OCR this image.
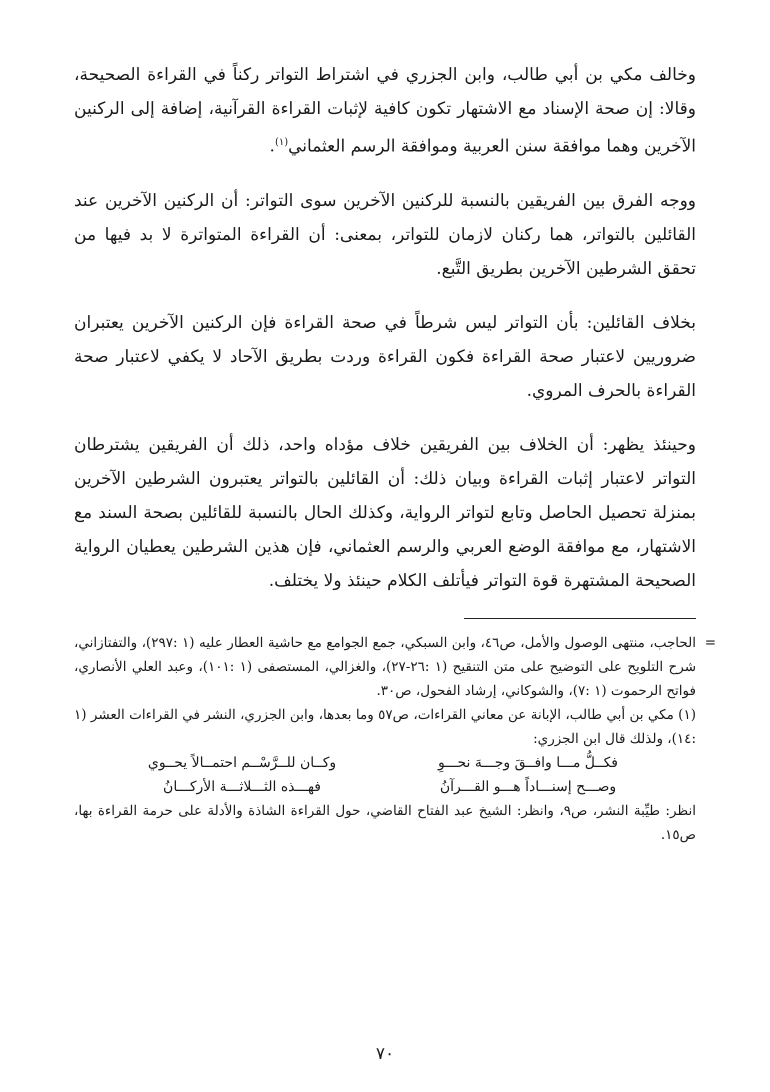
وخالف مكي بن أبي طالب، وابن الجزري في اشتراط التواتر ركناً في القراءة الصحيحة، وقالا: إن صحة الإسناد مع الاشتهار تكون كافية لإثبات القراءة القرآنية، إضافة إلى الركنين الآخرين وهما موافقة سنن العربية وموافقة الرسم العثماني$^{(١)}$.

ووجه الفرق بين الفريقين بالنسبة للركنين الآخرين سوى التواتر: أن الركنين الآخرين عند القائلين بالتواتر، هما ركنان لازمان للتواتر، بمعنى: أن القراءة المتواترة لا بد فيها من تحقق الشرطين الآخرين بطريق التَّبع.

بخلاف القائلين: بأن التواتر ليس شرطاً في صحة القراءة فإن الركنين الآخرين يعتبران ضروريين لاعتبار صحة القراءة فكون القراءة وردت بطريق الآحاد لا يكفي لاعتبار صحة القراءة بالحرف المروي.

وحينئذ يظهر: أن الخلاف بين الفريقين خلاف مؤداه واحد، ذلك أن الفريقين يشترطان التواتر لاعتبار إثبات القراءة وبيان ذلك: أن القائلين بالتواتر يعتبرون الشرطين الآخرين بمنزلة تحصيل الحاصل وتابع لتواتر الرواية، وكذلك الحال بالنسبة للقائلين بصحة السند مع الاشتهار، مع موافقة الوضع العربي والرسم العثماني، فإن هذين الشرطين يعطيان الرواية الصحيحة المشتهرة قوة التواتر فيأتلف الكلام حينئذ ولا يختلف.

=
الحاجب، منتهى الوصول والأمل، ص٤٦، وابن السبكي، جمع الجوامع مع حاشية العطار عليه (١ :٢٩٧)، والتفتازاني، شرح التلويح على التوضيح على متن التنقيح (١ :٢٦-٢٧)، والغزالي، المستصفى (١ :١٠١)، وعبد العلي الأنصاري، فواتح الرحموت (١ :٧)، والشوكاني، إرشاد الفحول، ص٣٠.

(١) مكي بن أبي طالب، الإبانة عن معاني القراءات، ص٥٧ وما بعدها، وابن الجزري، النشر في القراءات العشر (١ :١٤)، ولذلك قال ابن الجزري:

فكــلُّ مـــا وافــقَ وجـــهَ نحـــوِ
وكــان للــرَّسْــم احتمــالاً يحــوي
وصـــح إسنـــاداً هـــو القـــرآنُ
فهـــذه الثـــلاثـــة الأركـــانُ

انظر: طيِّبة النشر، ص٩، وانظر: الشيخ عبد الفتاح القاضي، حول القراءة الشاذة والأدلة على حرمة القراءة بها، ص١٥.

٧٠
